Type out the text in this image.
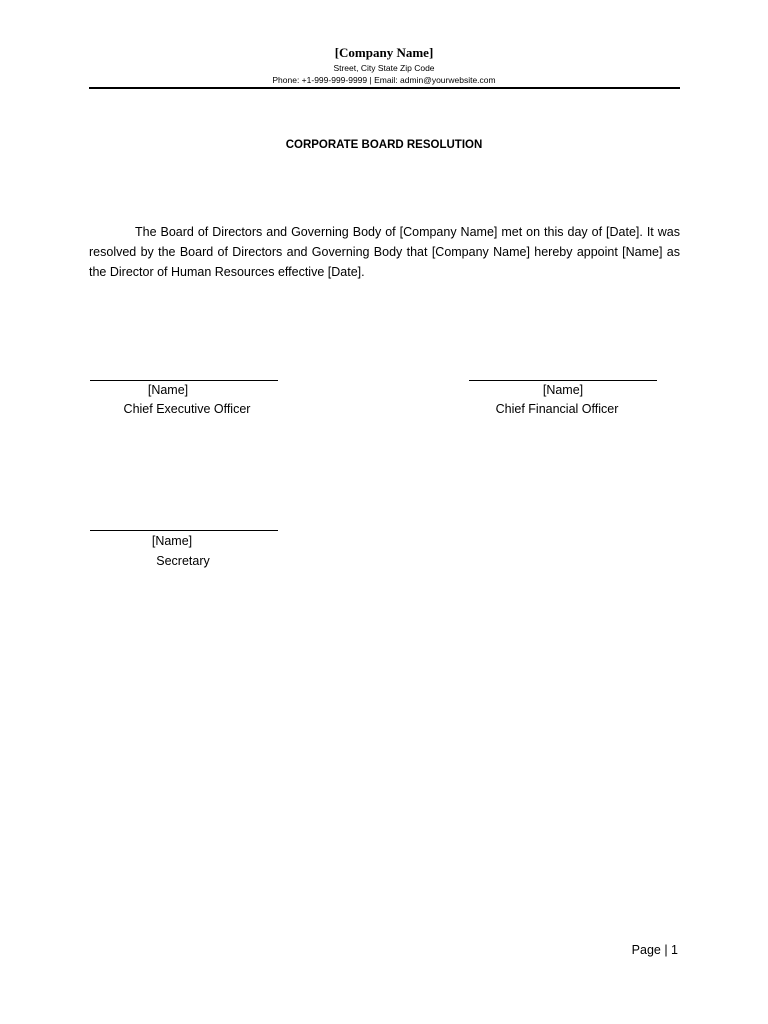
[Company Name]
Street, City State Zip Code
Phone: +1-999-999-9999 | Email: admin@yourwebsite.com
CORPORATE BOARD RESOLUTION
The Board of Directors and Governing Body of [Company Name] met on this day of [Date]. It was resolved by the Board of Directors and Governing Body that [Company Name] hereby appoint [Name] as the Director of Human Resources effective [Date].
[Name]
Chief Executive Officer
[Name]
Chief Financial Officer
[Name]
Secretary
Page | 1
